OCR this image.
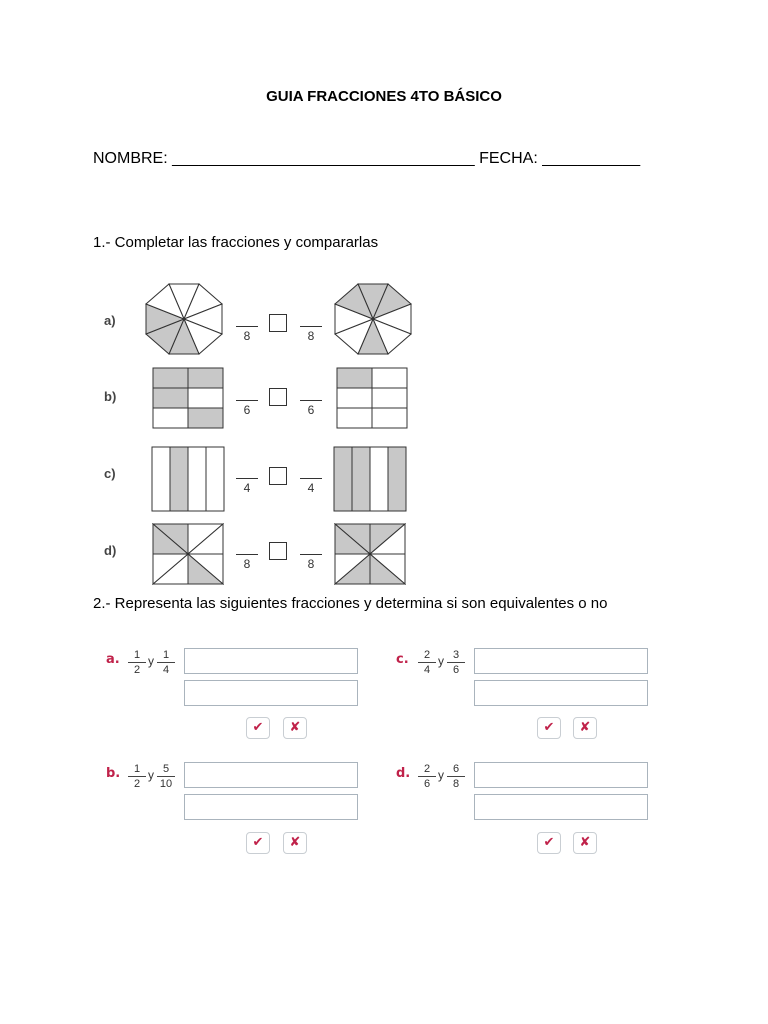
GUIA FRACCIONES 4TO BÁSICO
NOMBRE: __________________________________ FECHA: ___________
1.- Completar las fracciones y compararlas
a)
8	8
b)
6	6
c)
4	4
d)
8	8
2.- Representa las siguientes fracciones y determina si son equivalentes o no
a.	1
2
y 1
4
✔	✘
b.	1
2
y 5
10
✔	✘
c.	2
4
y 3
6
✔	✘
d.	2
6
y 6
8
✔	✘
